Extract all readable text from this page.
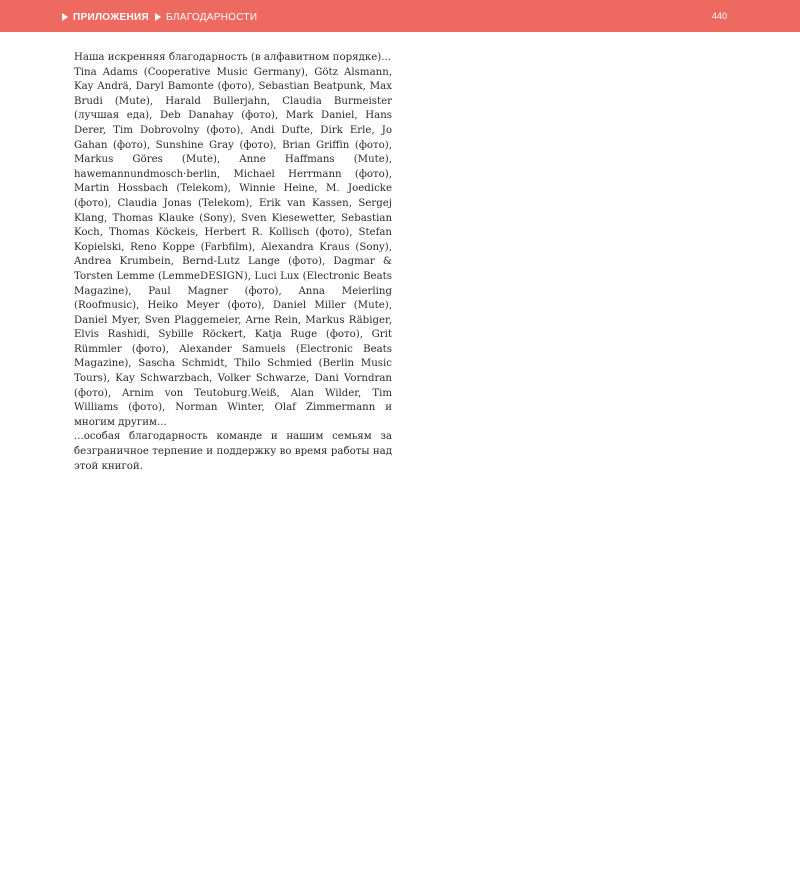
ПРИЛОЖЕНИЯ БЛАГОДАРНОСТИ	440

Наша искренняя благодарность (в алфавитном порядке)...

Tina Adams (Cooperative Music Germany), Götz Alsmann, Kay Andrä, Daryl Bamonte (фото), Sebastian Beatpunk, Max Brudi (Mute), Harald Bullerjahn, Claudia Burmeister (лучшая еда), Deb Danahay (фото), Mark Daniel, Hans Derer, Tim Dobrovolny (фото), Andi Dufte, Dirk Erle, Jo Gahan (фото), Sunshine Gray (фото), Brian Griffin (фото), Markus Göres (Mute), Anne Haffmans (Mute), hawemannundmosch·berlin, Michael Herrmann (фото), Martin Hossbach (Telekom), Winnie Heine, M. Joedicke (фото), Claudia Jonas (Telekom), Erik van Kassen, Sergej Klang, Thomas Klauke (Sony), Sven Kiesewetter, Sebastian Koch, Thomas Köckeis, Herbert R. Kollisch (фото), Stefan Kopielski, Reno Koppe (Farbfilm), Alexandra Kraus (Sony), Andrea Krumbein, Bernd-Lutz Lange (фото), Dagmar & Torsten Lemme (LemmeDESIGN), Luci Lux (Electronic Beats Magazine), Paul Magner (фото), Anna Meierling (Roofmusic), Heiko Meyer (фото), Daniel Miller (Mute), Daniel Myer, Sven Plaggemeier, Arne Rein, Markus Räbiger, Elvis Rashidi, Sybille Röckert, Katja Ruge (фото), Grit Rümmler (фото), Alexander Samuels (Electronic Beats Magazine), Sascha Schmidt, Thilo Schmied (Berlin Music Tours), Kay Schwarzbach, Volker Schwarze, Dani Vorndran (фото), Arnim von Teutoburg.Weiß, Alan Wilder, Tim Williams (фото), Norman Winter, Olaf Zimmermann и многим другим...

...особая благодарность команде и нашим семьям за безграничное терпение и поддержку во время работы над этой книгой.
